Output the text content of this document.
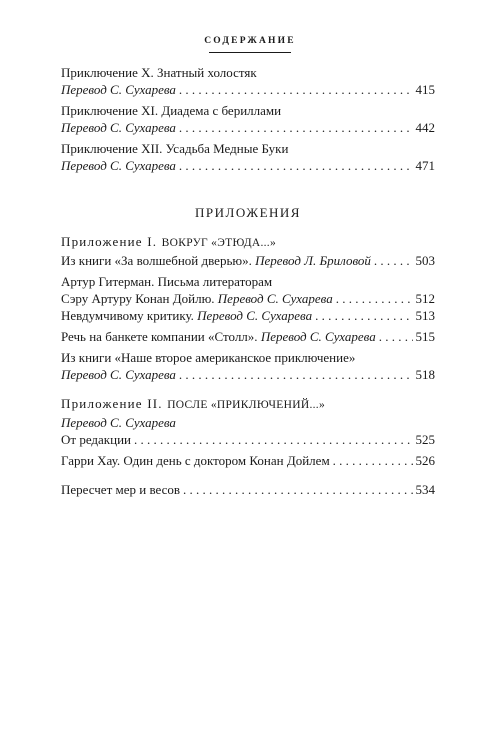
СОДЕРЖАНИЕ
Приключение X. Знатный холостяк
Перевод С. Сухарева . . .	415
Приключение XI. Диадема с бериллами
Перевод С. Сухарева . . .	442
Приключение XII. Усадьба Медные Буки
Перевод С. Сухарева . . .	471
ПРИЛОЖЕНИЯ
Приложение I. ВОКРУГ «ЭТЮДА...»
Из книги «За волшебной дверью». Перевод Л. Бриловой . . .	503
Артур Гитерман. Письма литераторам
Сэру Артуру Конан Дойлю. Перевод С. Сухарева . . .	512
Невдумчивому критику. Перевод С. Сухарева . . .	513
Речь на банкете компании «Столл». Перевод С. Сухарева . . .	515
Из книги «Наше второе американское приключение»
Перевод С. Сухарева . . .	518
Приложение II. ПОСЛЕ «ПРИКЛЮЧЕНИЙ...»
Перевод С. Сухарева
От редакции . . .	525
Гарри Хау. Один день с доктором Конан Дойлем . . .	526
Пересчет мер и весов . . .	534
